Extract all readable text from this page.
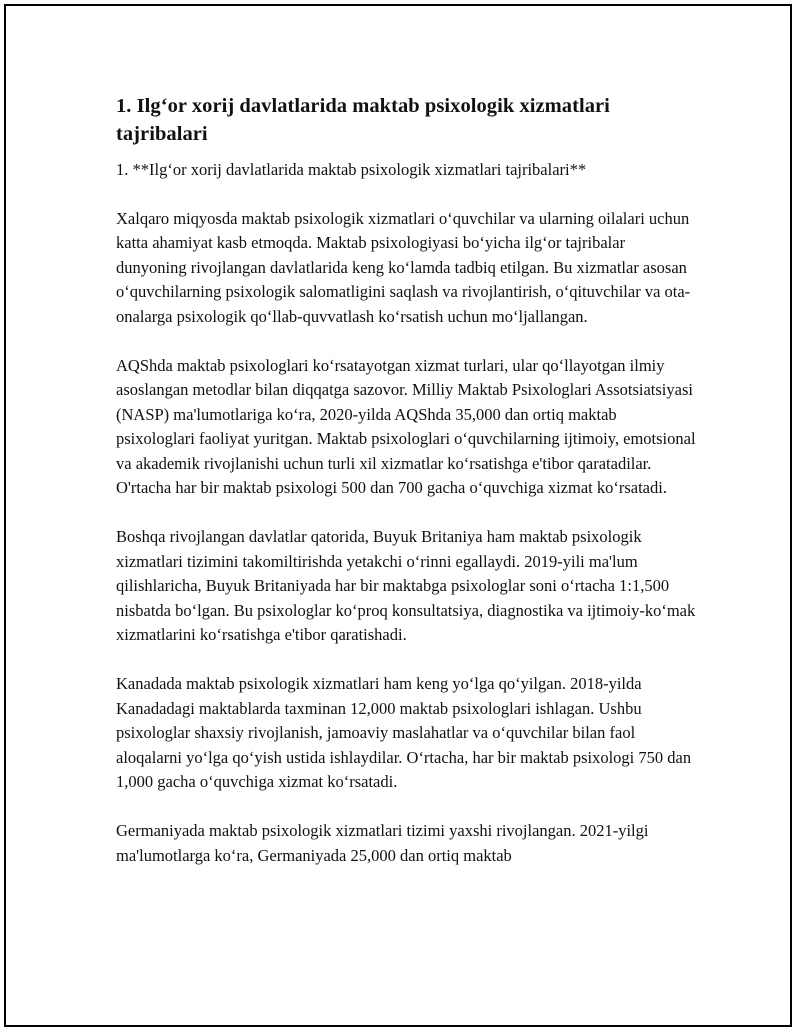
1. Ilg‘or xorij davlatlarida maktab psixologik xizmatlari tajribalari

1. **Ilg‘or xorij davlatlarida maktab psixologik xizmatlari tajribalari**

Xalqaro miqyosda maktab psixologik xizmatlari o‘quvchilar va ularning oilalari uchun katta ahamiyat kasb etmoqda. Maktab psixologiyasi bo‘yicha ilg‘or tajribalar dunyoning rivojlangan davlatlarida keng ko‘lamda tadbiq etilgan. Bu xizmatlar asosan o‘quvchilarning psixologik salomatligini saqlash va rivojlantirish, o‘qituvchilar va ota-onalarga psixologik qo‘llab-quvvatlash ko‘rsatish uchun mo‘ljallangan.

AQShda maktab psixologlari ko‘rsatayotgan xizmat turlari, ular qo‘llayotgan ilmiy asoslangan metodlar bilan diqqatga sazovor. Milliy Maktab Psixologlari Assotsiatsiyasi (NASP) ma'lumotlariga ko‘ra, 2020-yilda AQShda 35,000 dan ortiq maktab psixologlari faoliyat yuritgan. Maktab psixologlari o‘quvchilarning ijtimoiy, emotsional va akademik rivojlanishi uchun turli xil xizmatlar ko‘rsatishga e'tibor qaratadilar. O'rtacha har bir maktab psixologi 500 dan 700 gacha o‘quvchiga xizmat ko‘rsatadi.

Boshqa rivojlangan davlatlar qatorida, Buyuk Britaniya ham maktab psixologik xizmatlari tizimini takomiltirishda yetakchi o‘rinni egallaydi. 2019-yili ma'lum qilishlaricha, Buyuk Britaniyada har bir maktabga psixologlar soni o‘rtacha 1:1,500 nisbatda bo‘lgan. Bu psixologlar ko‘proq konsultatsiya, diagnostika va ijtimoiy-ko‘mak xizmatlarini ko‘rsatishga e'tibor qaratishadi.

Kanadada maktab psixologik xizmatlari ham keng yo‘lga qo‘yilgan. 2018-yilda Kanadadagi maktablarda taxminan 12,000 maktab psixologlari ishlagan. Ushbu psixologlar shaxsiy rivojlanish, jamoaviy maslahatlar va o‘quvchilar bilan faol aloqalarni yo‘lga qo‘yish ustida ishlaydilar. O‘rtacha, har bir maktab psixologi 750 dan 1,000 gacha o‘quvchiga xizmat ko‘rsatadi.

Germaniyada maktab psixologik xizmatlari tizimi yaxshi rivojlangan. 2021-yilgi ma'lumotlarga ko‘ra, Germaniyada 25,000 dan ortiq maktab
